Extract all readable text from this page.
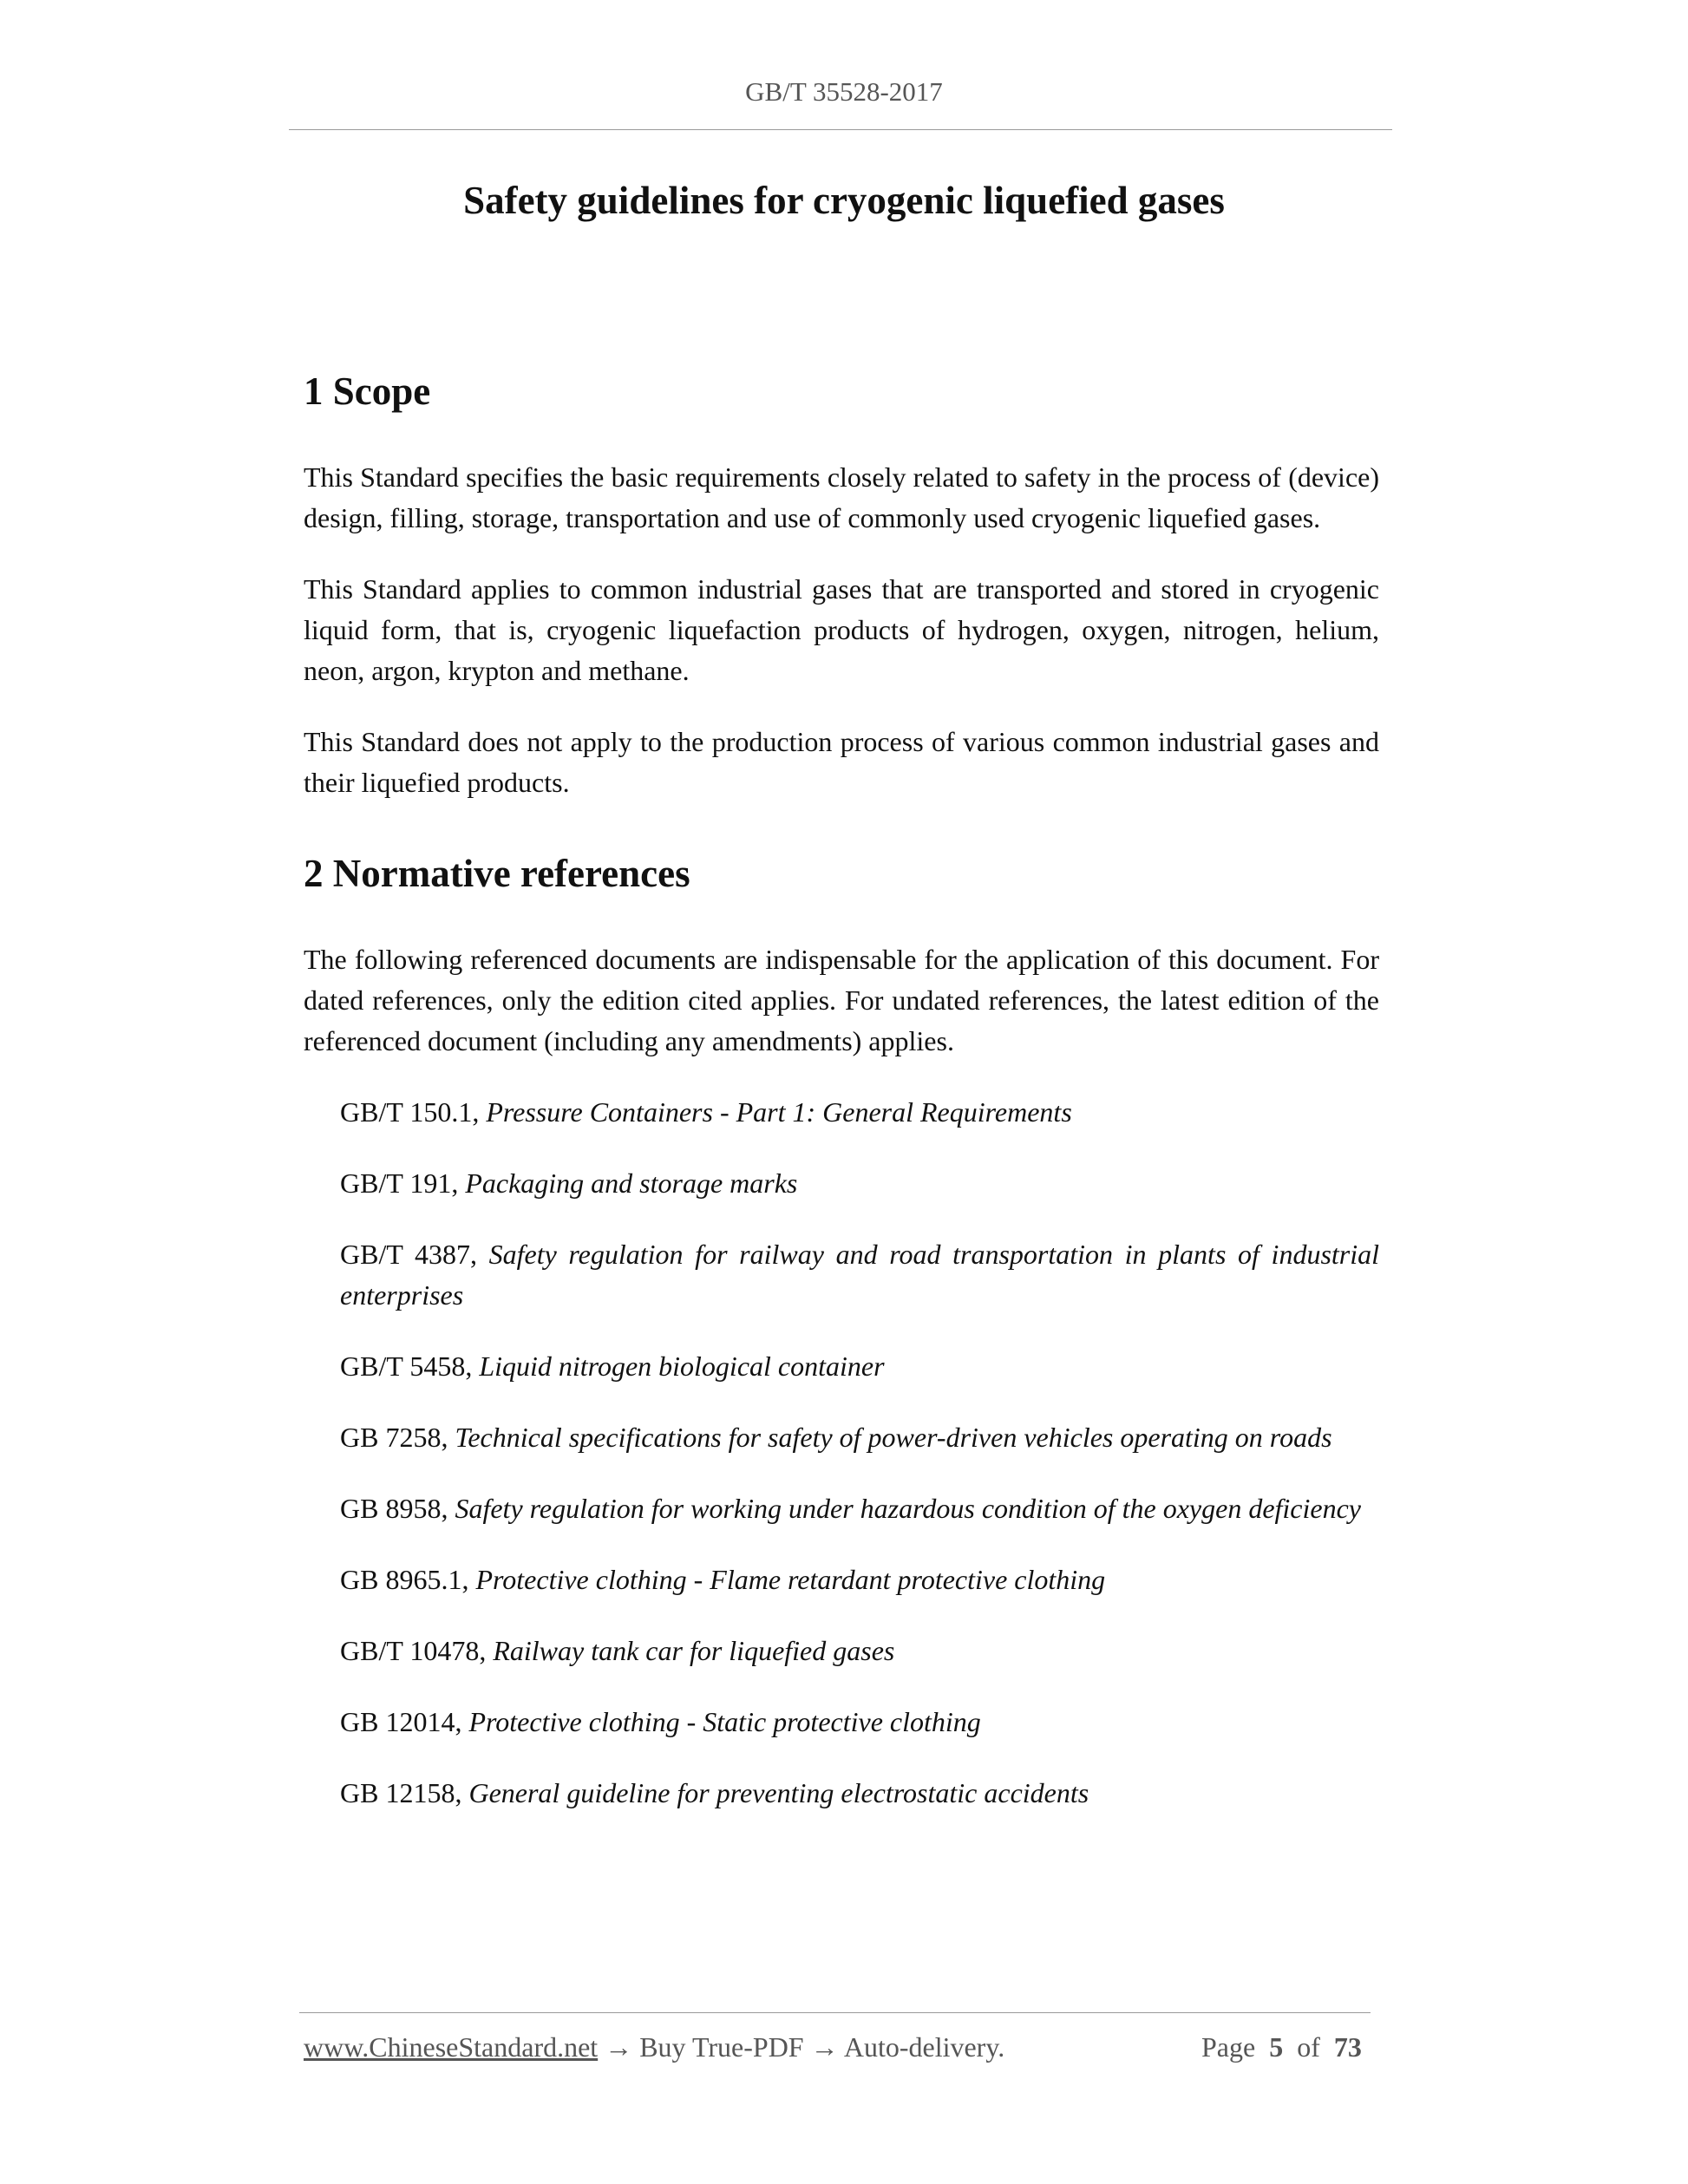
GB/T 35528-2017
Safety guidelines for cryogenic liquefied gases
1 Scope

This Standard specifies the basic requirements closely related to safety in the process of (device) design, filling, storage, transportation and use of commonly used cryogenic liquefied gases.

This Standard applies to common industrial gases that are transported and stored in cryogenic liquid form, that is, cryogenic liquefaction products of hydrogen, oxygen, nitrogen, helium, neon, argon, krypton and methane.

This Standard does not apply to the production process of various common industrial gases and their liquefied products.

2 Normative references

The following referenced documents are indispensable for the application of this document. For dated references, only the edition cited applies. For undated references, the latest edition of the referenced document (including any amendments) applies.

GB/T 150.1, Pressure Containers - Part 1: General Requirements

GB/T 191, Packaging and storage marks

GB/T 4387, Safety regulation for railway and road transportation in plants of industrial enterprises

GB/T 5458, Liquid nitrogen biological container

GB 7258, Technical specifications for safety of power-driven vehicles operating on roads

GB 8958, Safety regulation for working under hazardous condition of the oxygen deficiency

GB 8965.1, Protective clothing - Flame retardant protective clothing

GB/T 10478, Railway tank car for liquefied gases

GB 12014, Protective clothing - Static protective clothing

GB 12158, General guideline for preventing electrostatic accidents

www.ChineseStandard.net → Buy True-PDF → Auto-delivery.	Page 5 of 73
